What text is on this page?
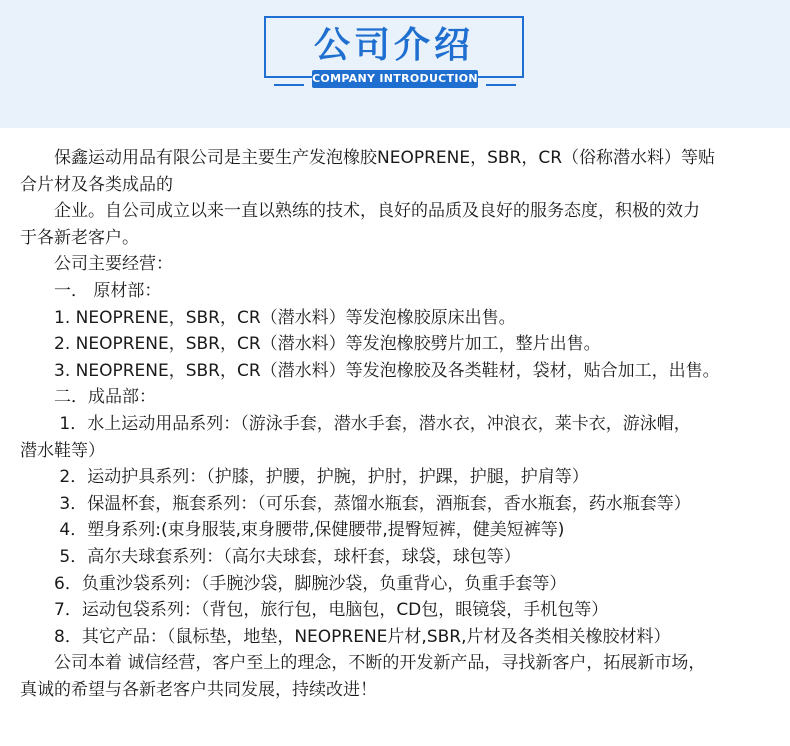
公司介绍
COMPANY INTRODUCTION
　　保鑫运动用品有限公司是主要生产发泡橡胶NEOPRENE，SBR，CR（俗称潜水料）等贴
合片材及各类成品的
　　企业。自公司成立以来一直以熟练的技术，良好的品质及良好的服务态度，积极的效力
于各新老客户。
　　公司主要经营：
　　一． 原材部：
　　1. NEOPRENE，SBR，CR（潜水料）等发泡橡胶原床出售。
　　2. NEOPRENE，SBR，CR（潜水料）等发泡橡胶劈片加工，整片出售。
　　3. NEOPRENE，SBR，CR（潜水料）等发泡橡胶及各类鞋材，袋材，贴合加工，出售。
　　二．成品部：
　　 1．水上运动用品系列：（游泳手套，潜水手套，潜水衣，冲浪衣，莱卡衣，游泳帽，
潜水鞋等）
　　 2．运动护具系列：（护膝，护腰，护腕，护肘，护踝，护腿，护肩等）
　　 3．保温杯套，瓶套系列：（可乐套，蒸馏水瓶套，酒瓶套，香水瓶套，药水瓶套等）
　　 4．塑身系列:(束身服装,束身腰带,保健腰带,提臀短裤，健美短裤等)
　　 5．高尔夫球套系列：（高尔夫球套，球杆套，球袋，球包等）
　　6．负重沙袋系列：（手腕沙袋，脚腕沙袋，负重背心，负重手套等）
　　7．运动包袋系列：（背包，旅行包，电脑包，CD包，眼镜袋，手机包等）
　　8．其它产品：（鼠标垫，地垫，NEOPRENE片材,SBR,片材及各类相关橡胶材料）
　　公司本着 诚信经营，客户至上的理念，不断的开发新产品，寻找新客户，拓展新市场，
真诚的希望与各新老客户共同发展，持续改进！
